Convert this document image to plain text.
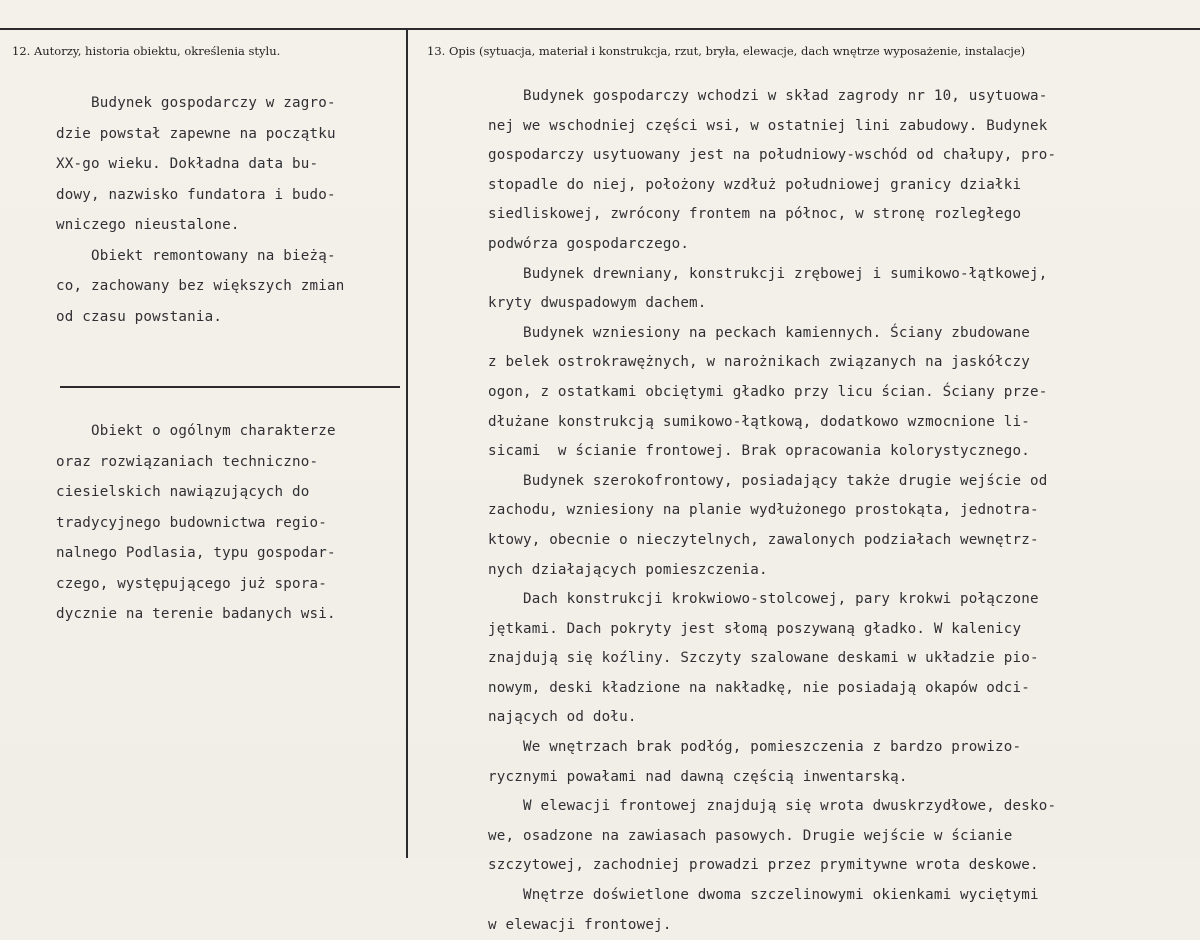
12. Autorzy, historia obiektu, określenia stylu.	13. Opis (sytuacja, materiał i konstrukcja, rzut, bryła, elewacje, dach wnętrze wyposażenie, instalacje)
Budynek gospodarczy w zagro-
dzie powstał zapewne na początku
XX-go wieku. Dokładna data bu-
dowy, nazwisko fundatora i budo-
wniczego nieustalone.
Obiekt remontowany na bieżą-
co, zachowany bez większych zmian
od czasu powstania.
Obiekt o ogólnym charakterze
oraz rozwiązaniach techniczno-
ciesielskich nawiązujących do
tradycyjnego budownictwa regio-
nalnego Podlasia, typu gospodar-
czego, występującego już spora-
dycznie na terenie badanych wsi.
Budynek gospodarczy wchodzi w skład zagrody nr 10, usytuowa-
nej we wschodniej części wsi, w ostatniej lini zabudowy. Budynek
gospodarczy usytuowany jest na południowy-wschód od chałupy, pro-
stopadle do niej, położony wzdłuż południowej granicy działki
siedliskowej, zwrócony frontem na północ, w stronę rozległego
podwórza gospodarczego.
Budynek drewniany, konstrukcji zrębowej i sumikowo-łątkowej,
kryty dwuspadowym dachem.
Budynek wzniesiony na peckach kamiennych. Ściany zbudowane
z belek ostrokrawężnych, w narożnikach związanych na jaskółczy
ogon, z ostatkami obciętymi gładko przy licu ścian. Ściany prze-
dłużane konstrukcją sumikowo-łątkową, dodatkowo wzmocnione li-
sicami  w ścianie frontowej. Brak opracowania kolorystycznego.
Budynek szerokofrontowy, posiadający także drugie wejście od
zachodu, wzniesiony na planie wydłużonego prostokąta, jednotra-
ktowy, obecnie o nieczytelnych, zawalonych podziałach wewnętrz-
nych działających pomieszczenia.
Dach konstrukcji krokwiowo-stolcowej, pary krokwi połączone
jętkami. Dach pokryty jest słomą poszywaną gładko. W kalenicy
znajdują się koźliny. Szczyty szalowane deskami w układzie pio-
nowym, deski kładzione na nakładkę, nie posiadają okapów odci-
nających od dołu.
We wnętrzach brak podłóg, pomieszczenia z bardzo prowizo-
rycznymi powałami nad dawną częścią inwentarską.
W elewacji frontowej znajdują się wrota dwuskrzydłowe, desko-
we, osadzone na zawiasach pasowych. Drugie wejście w ścianie
szczytowej, zachodniej prowadzi przez prymitywne wrota deskowe.
Wnętrze doświetlone dwoma szczelinowymi okienkami wyciętymi
w elewacji frontowej.
